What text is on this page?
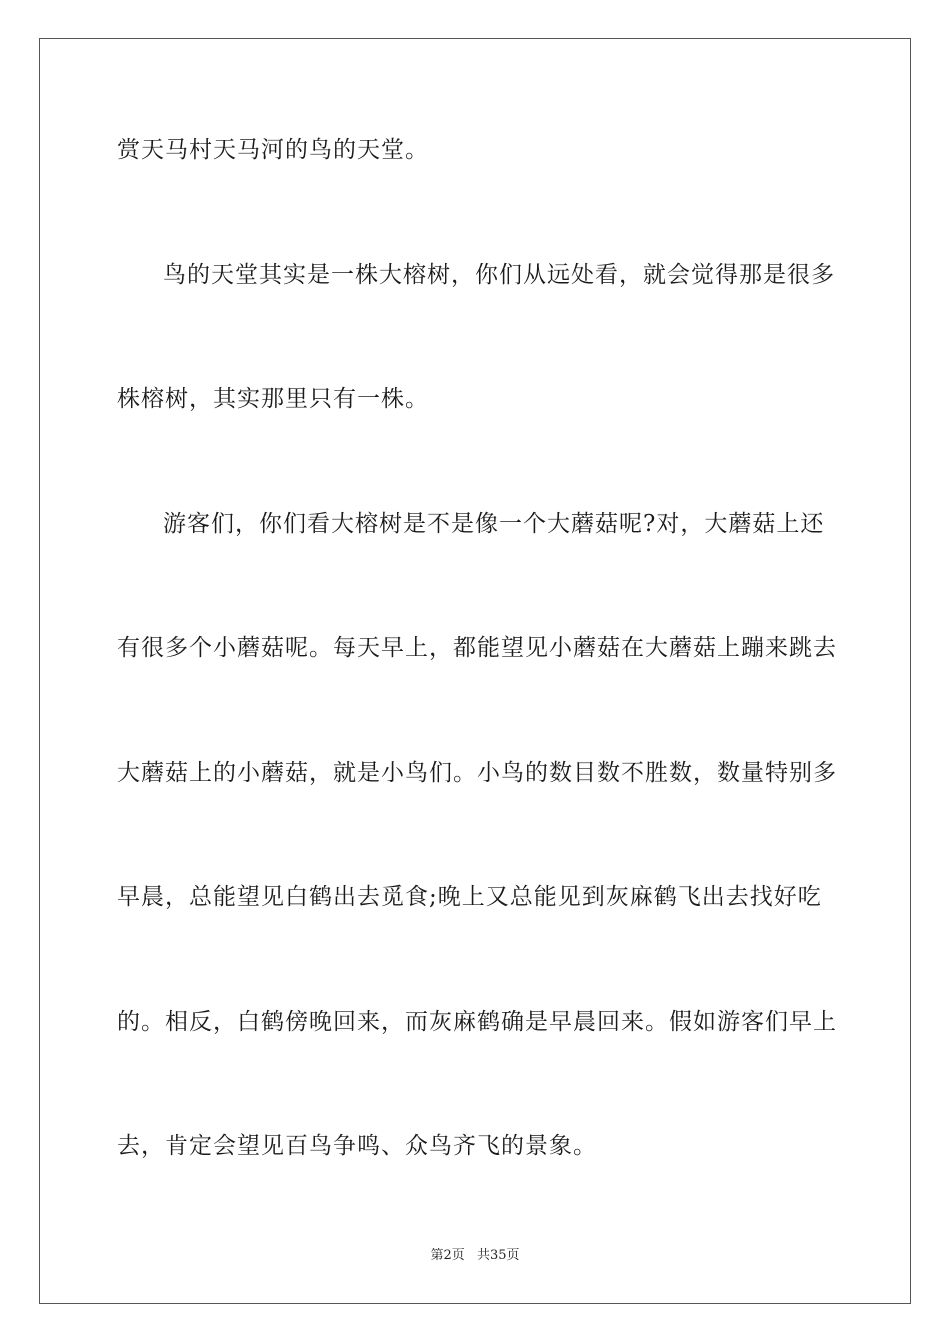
赏天马村天马河的鸟的天堂。
鸟的天堂其实是一株大榕树，你们从远处看，就会觉得那是很多
株榕树，其实那里只有一株。
游客们，你们看大榕树是不是像一个大蘑菇呢?对，大蘑菇上还
有很多个小蘑菇呢。每天早上，都能望见小蘑菇在大蘑菇上蹦来跳去
大蘑菇上的小蘑菇，就是小鸟们。小鸟的数目数不胜数，数量特别多
早晨，总能望见白鹤出去觅食;晚上又总能见到灰麻鹤飞出去找好吃
的。相反，白鹤傍晚回来，而灰麻鹤确是早晨回来。假如游客们早上
去，肯定会望见百鸟争鸣、众鸟齐飞的景象。
第2页 共35页
